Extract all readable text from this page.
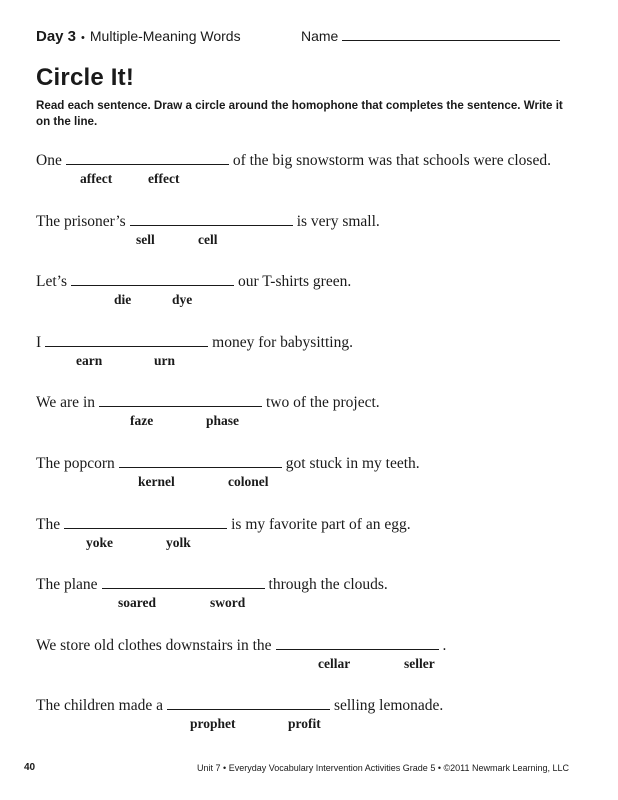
Day 3 • Multiple-Meaning Words	Name
Circle It!

Read each sentence. Draw a circle around the homophone that completes the sentence. Write it on the line.

One	of the big snowstorm was that schools were closed.
affect	effect
The prisoner’s	is very small.
sell	cell
Let’s	our T-shirts green.
die	dye
I	money for babysitting.
earn	urn
We are in	two of the project.
faze	phase
The popcorn	got stuck in my teeth.
kernel	colonel
The	is my favorite part of an egg.
yoke	yolk
The plane	through the clouds.
soared	sword
We store old clothes downstairs in the	.
cellar	seller
The children made a	selling lemonade.
prophet	profit
40	Unit 7 • Everyday Vocabulary Intervention Activities Grade 5 • ©2011 Newmark Learning, LLC
